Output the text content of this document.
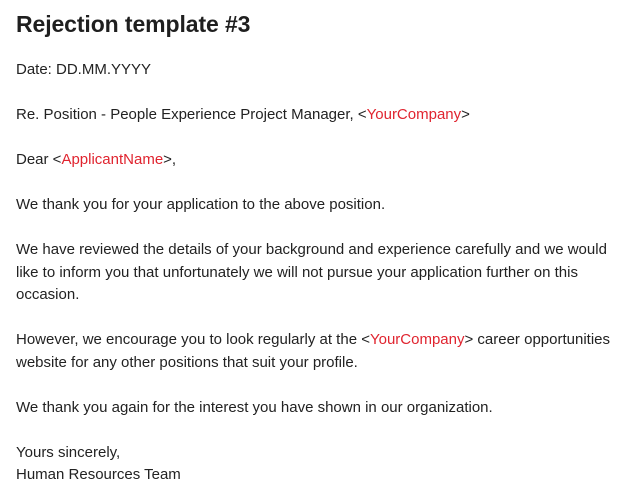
Rejection template #3

Date: DD.MM.YYYY

Re. Position - People Experience Project Manager, <YourCompany>

Dear <ApplicantName>,

We thank you for your application to the above position.

We have reviewed the details of your background and experience carefully and we would like to inform you that unfortunately we will not pursue your application further on this occasion.

However, we encourage you to look regularly at the <YourCompany> career opportunities website for any other positions that suit your profile.

We thank you again for the interest you have shown in our organization.

Yours sincerely,

Human Resources Team
